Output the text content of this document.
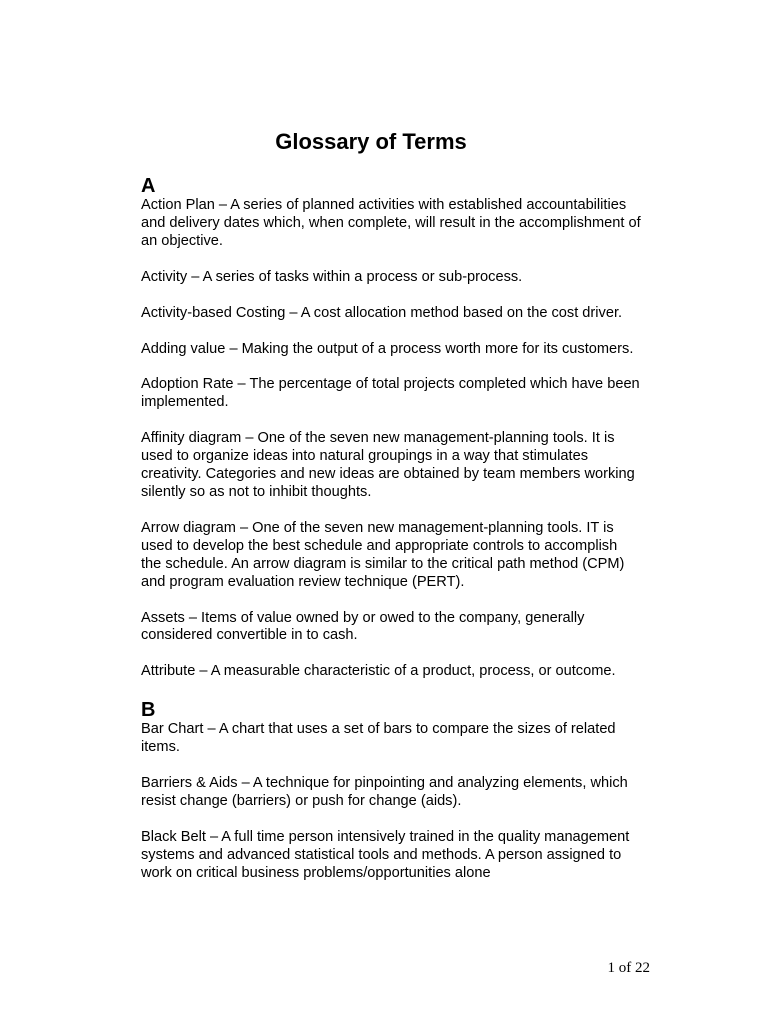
Glossary of Terms
A

Action Plan – A series of planned activities with established accountabilities and delivery dates which, when complete, will result in the accomplishment of an objective.

Activity – A series of tasks within a process or sub-process.

Activity-based Costing – A cost allocation method based on the cost driver.

Adding value – Making the output of a process worth more for its customers.

Adoption Rate – The percentage of total projects completed which have been implemented.

Affinity diagram – One of the seven new management-planning tools. It is used to organize ideas into natural groupings in a way that stimulates creativity. Categories and new ideas are obtained by team members working silently so as not to inhibit thoughts.

Arrow diagram – One of the seven new management-planning tools. IT is used to develop the best schedule and appropriate controls to accomplish the schedule. An arrow diagram is similar to the critical path method (CPM) and program evaluation review technique (PERT).

Assets – Items of value owned by or owed to the company, generally considered convertible in to cash.

Attribute – A measurable characteristic of a product, process, or outcome.

B

Bar Chart – A chart that uses a set of bars to compare the sizes of related items.

Barriers & Aids – A technique for pinpointing and analyzing elements, which resist change (barriers) or push for change (aids).

Black Belt – A full time person intensively trained in the quality management systems and advanced statistical tools and methods. A person assigned to work on critical business problems/opportunities alone

1 of 22
